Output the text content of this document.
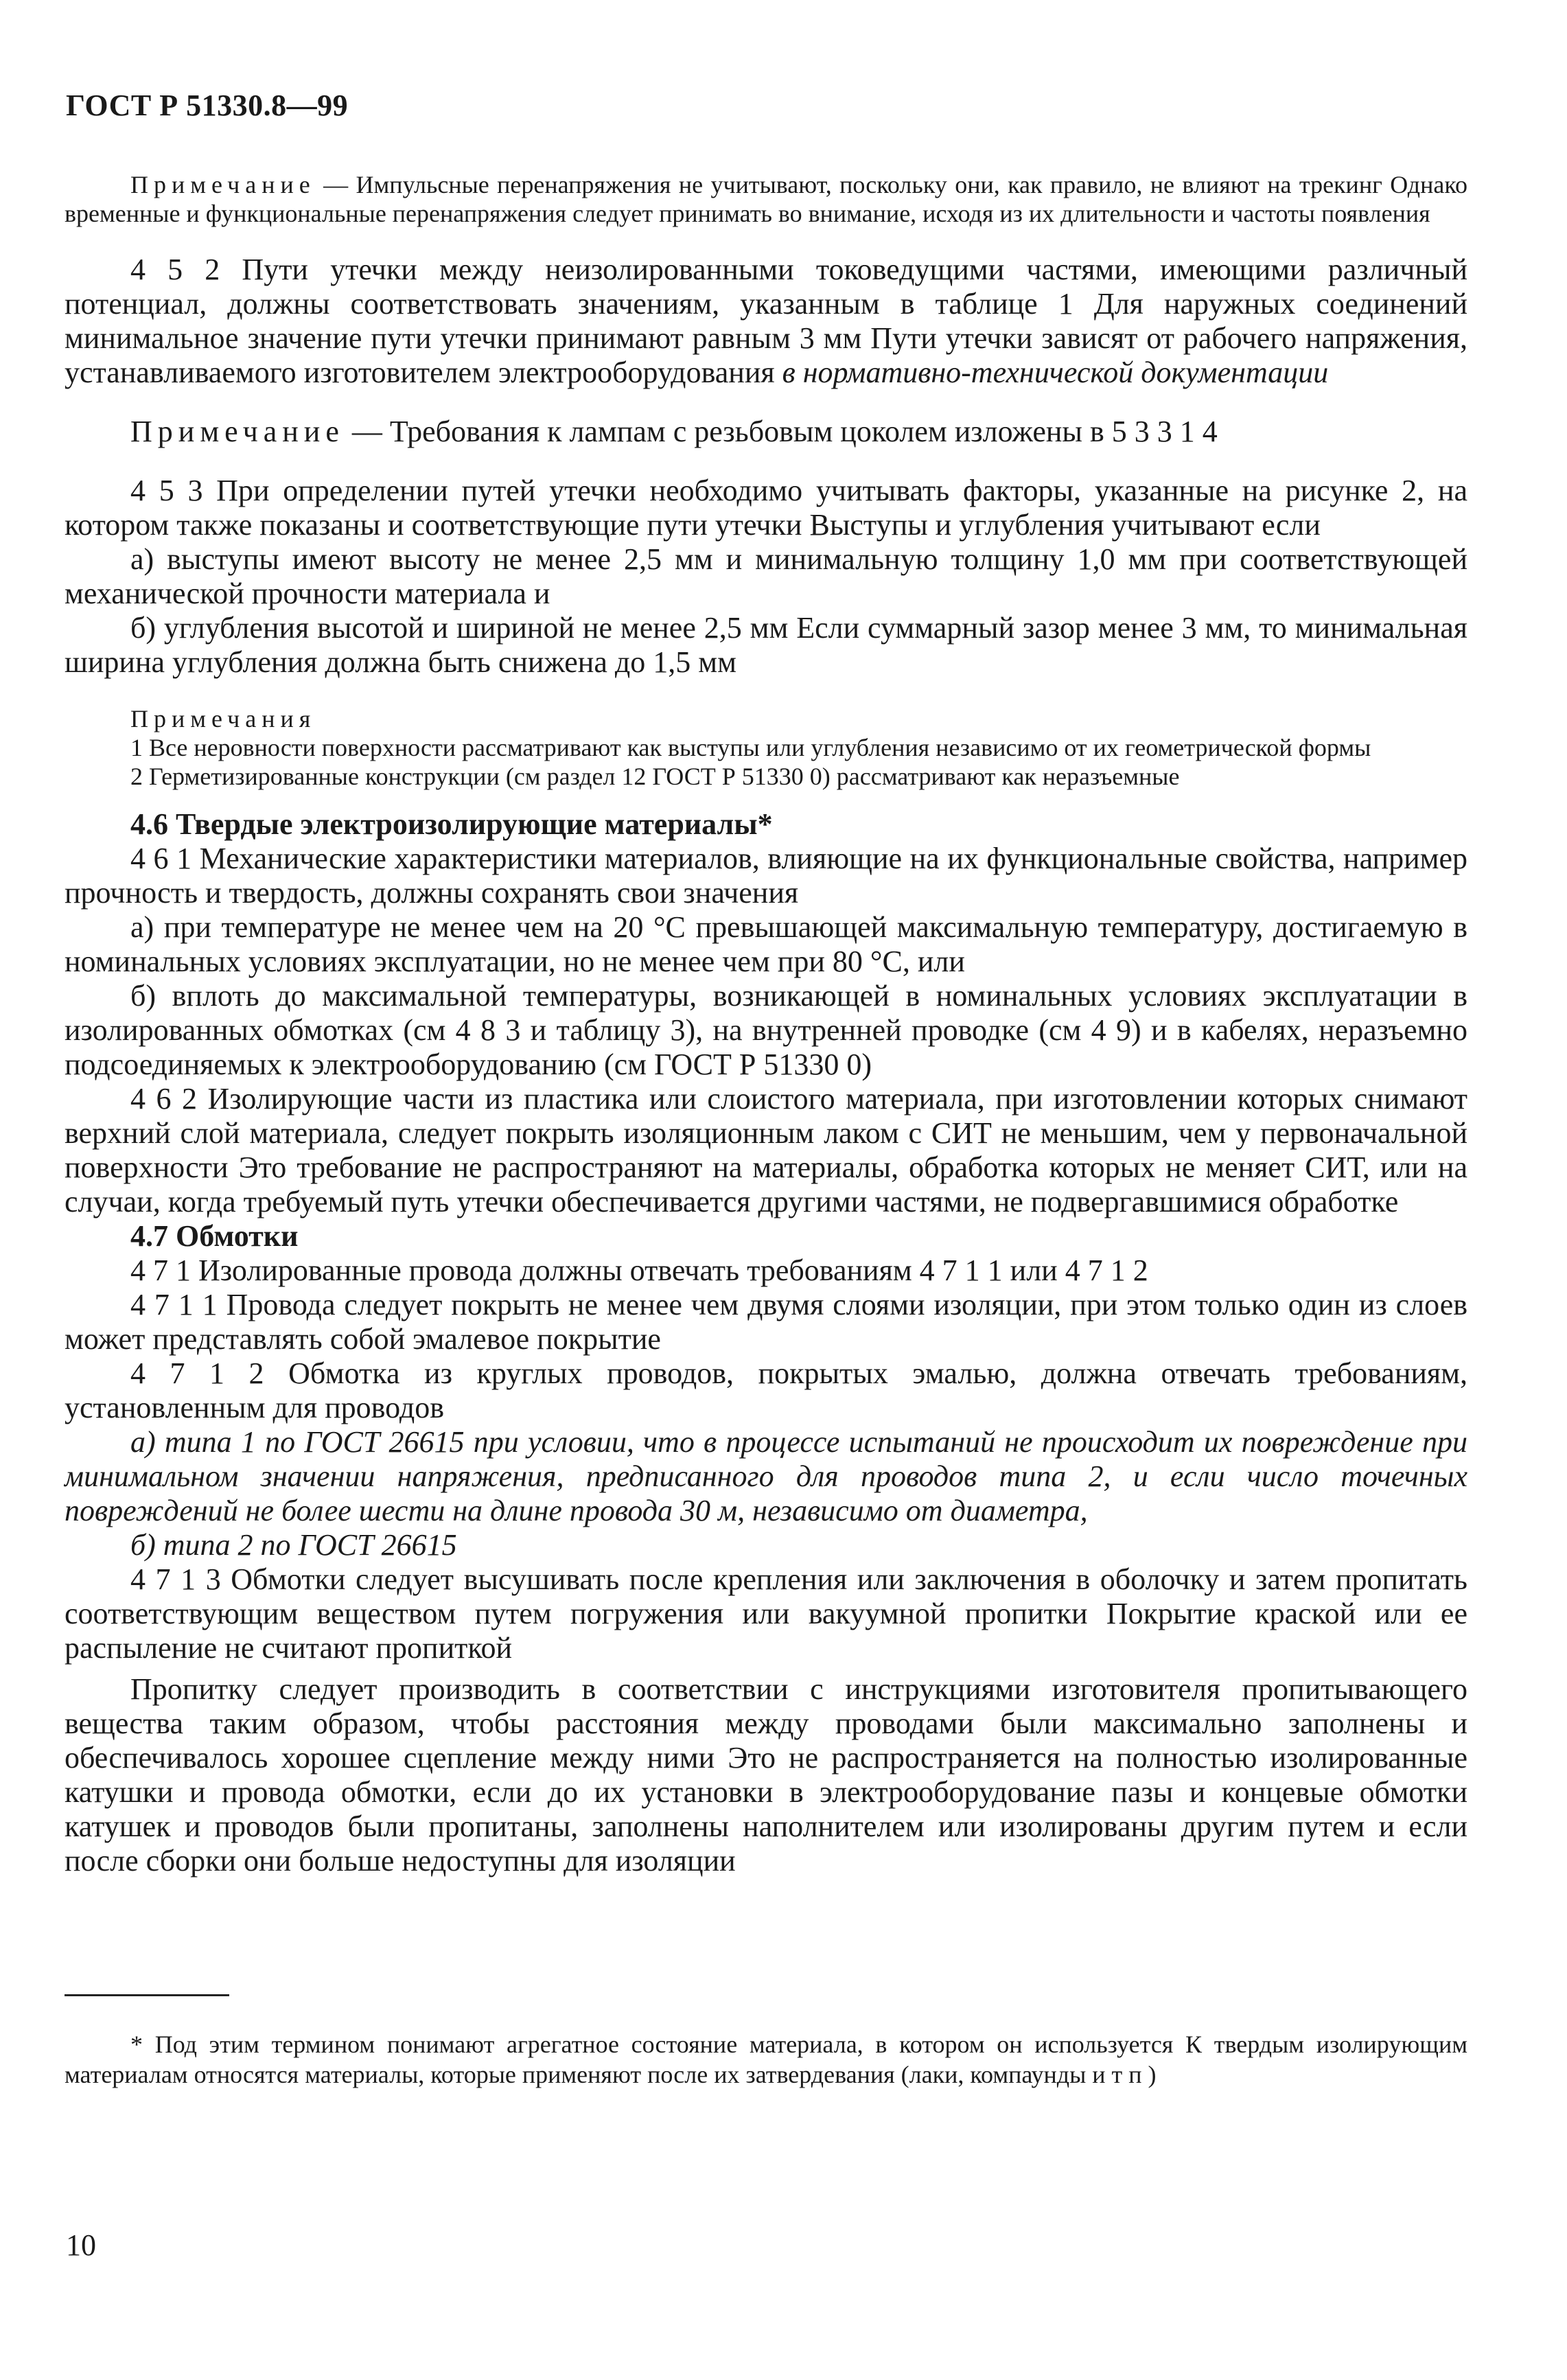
ГОСТ Р 51330.8—99

Примечание — Импульсные перенапряжения не учитывают, поскольку они, как правило, не влияют на трекинг Однако временные и функциональные перенапряжения следует принимать во внимание, исходя из их длительности и частоты появления

4 5 2 Пути утечки между неизолированными токоведущими частями, имеющими различный потенциал, должны соответствовать значениям, указанным в таблице 1 Для наружных соединений минимальное значение пути утечки принимают равным 3 мм Пути утечки зависят от рабочего напряжения, устанавливаемого изготовителем электрооборудования в нормативно-технической документации

Примечание — Требования к лампам с резьбовым цоколем изложены в 5 3 3 1 4

4 5 3 При определении путей утечки необходимо учитывать факторы, указанные на рисунке 2, на котором также показаны и соответствующие пути утечки Выступы и углубления учитывают если

а) выступы имеют высоту не менее 2,5 мм и минимальную толщину 1,0 мм при соответствующей механической прочности материала и

б) углубления высотой и шириной не менее 2,5 мм Если суммарный зазор менее 3 мм, то минимальная ширина углубления должна быть снижена до 1,5 мм

Примечания

1 Все неровности поверхности рассматривают как выступы или углубления независимо от их геометрической формы

2 Герметизированные конструкции (см раздел 12 ГОСТ Р 51330 0) рассматривают как неразъемные

4.6 Твердые электроизолирующие материалы*

4 6 1 Механические характеристики материалов, влияющие на их функциональные свойства, например прочность и твердость, должны сохранять свои значения

а) при температуре не менее чем на 20 °С превышающей максимальную температуру, достигаемую в номинальных условиях эксплуатации, но не менее чем при 80 °С, или

б) вплоть до максимальной температуры, возникающей в номинальных условиях эксплуатации в изолированных обмотках (см 4 8 3 и таблицу 3), на внутренней проводке (см 4 9) и в кабелях, неразъемно подсоединяемых к электрооборудованию (см ГОСТ Р 51330 0)

4 6 2 Изолирующие части из пластика или слоистого материала, при изготовлении которых снимают верхний слой материала, следует покрыть изоляционным лаком с СИТ не меньшим, чем у первоначальной поверхности Это требование не распространяют на материалы, обработка которых не меняет СИТ, или на случаи, когда требуемый путь утечки обеспечивается другими частями, не подвергавшимися обработке

4.7 Обмотки

4 7 1 Изолированные провода должны отвечать требованиям 4 7 1 1 или 4 7 1 2

4 7 1 1 Провода следует покрыть не менее чем двумя слоями изоляции, при этом только один из слоев может представлять собой эмалевое покрытие

4 7 1 2 Обмотка из круглых проводов, покрытых эмалью, должна отвечать требованиям, установленным для проводов

а) типа 1 по ГОСТ 26615 при условии, что в процессе испытаний не происходит их повреждение при минимальном значении напряжения, предписанного для проводов типа 2, и если число точечных повреждений не более шести на длине провода 30 м, независимо от диаметра,

б) типа 2 по ГОСТ 26615

4 7 1 3 Обмотки следует высушивать после крепления или заключения в оболочку и затем пропитать соответствующим веществом путем погружения или вакуумной пропитки Покрытие краской или ее распыление не считают пропиткой

Пропитку следует производить в соответствии с инструкциями изготовителя пропитывающего вещества таким образом, чтобы расстояния между проводами были максимально заполнены и обеспечивалось хорошее сцепление между ними Это не распространяется на полностью изолированные катушки и провода обмотки, если до их установки в электрооборудование пазы и концевые обмотки катушек и проводов были пропитаны, заполнены наполнителем или изолированы другим путем и если после сборки они больше недоступны для изоляции

* Под этим термином понимают агрегатное состояние материала, в котором он используется К твердым изолирующим материалам относятся материалы, которые применяют после их затвердевания (лаки, компаунды и т п )

10
